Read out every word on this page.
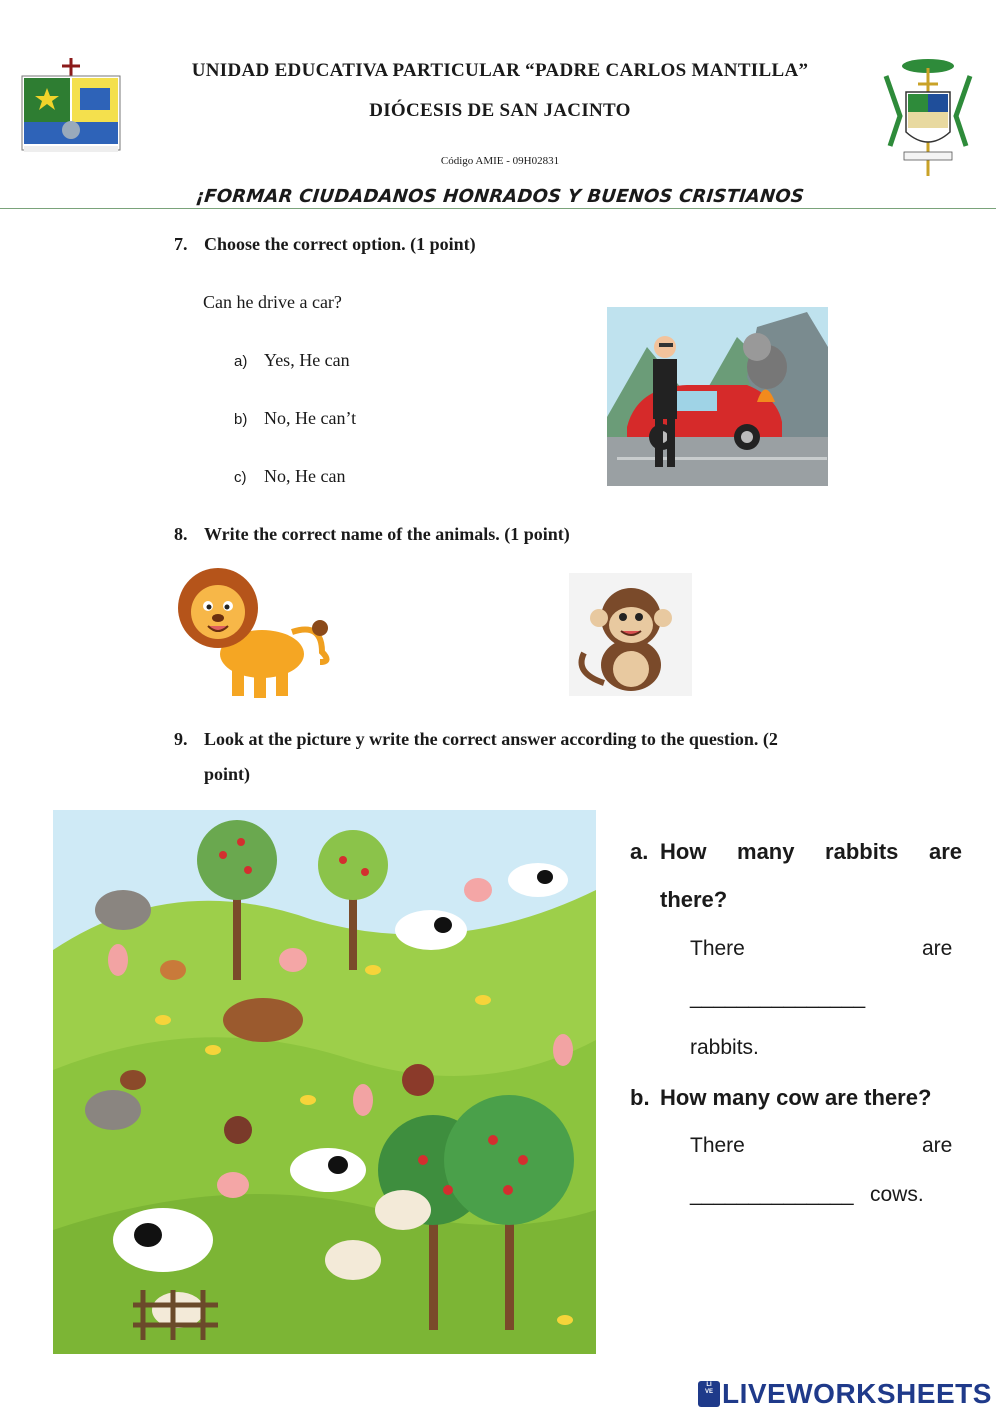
UNIDAD EDUCATIVA PARTICULAR “PADRE CARLOS MANTILLA”
DIÓCESIS DE SAN JACINTO
Código AMIE - 09H02831
¡FORMAR CIUDADANOS HONRADOS Y BUENOS CRISTIANOS
7. Choose the correct option. (1 point)
Can he drive a car?
a) Yes, He can
b) No, He can’t
c) No, He can
8. Write the correct name of the animals. (1 point)
9. Look at the picture y write the correct answer according to the question. (2
point)
a. How many rabbits are
there?
There	are
_______________
rabbits.
b. How many cow are there?
There	are
______________ cows.
LIVE LIVEWORKSHEETS
